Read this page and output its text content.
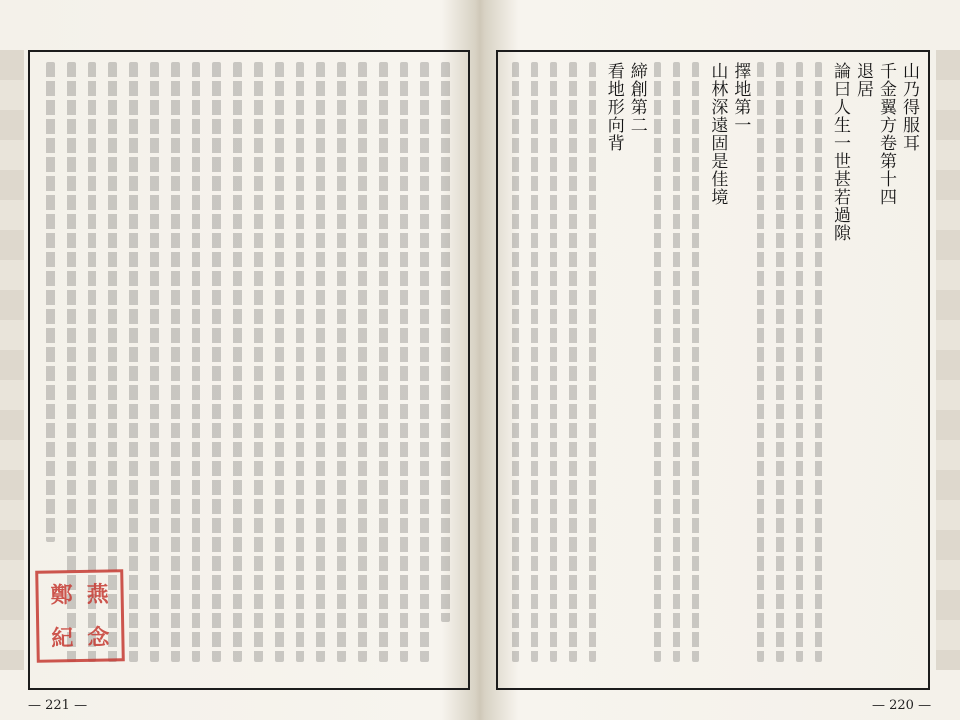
鄭 燕
紀 念
— 221 —
山乃得服耳
千金翼方卷第十四
退居
論曰人生一世甚若過隙
擇地第一
山林深遠固是佳境
締創第二
看地形向背
— 220 —
